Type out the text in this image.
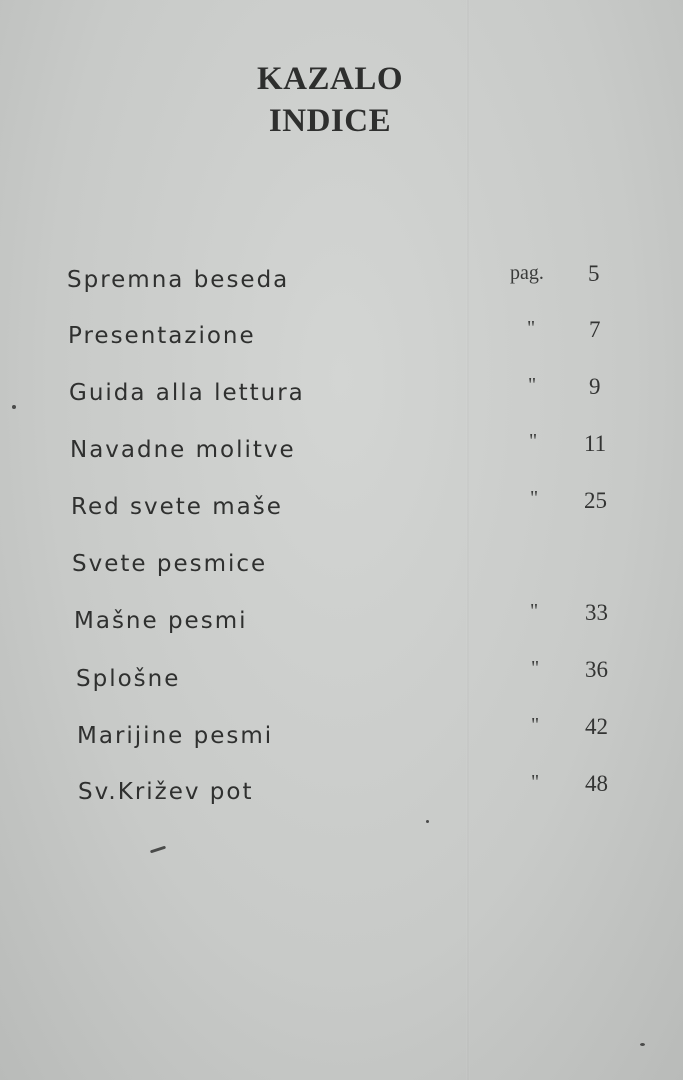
KAZALO
INDICE
Spremna beseda	pag. 5
Presentazione	" 7
Guida alla lettura	" 9
Navadne molitve	" 11
Red svete maše	" 25
Svete pesmice
Mašne pesmi	" 33
Splošne	" 36
Marijine pesmi	" 42
Sv.Križev pot	" 48
